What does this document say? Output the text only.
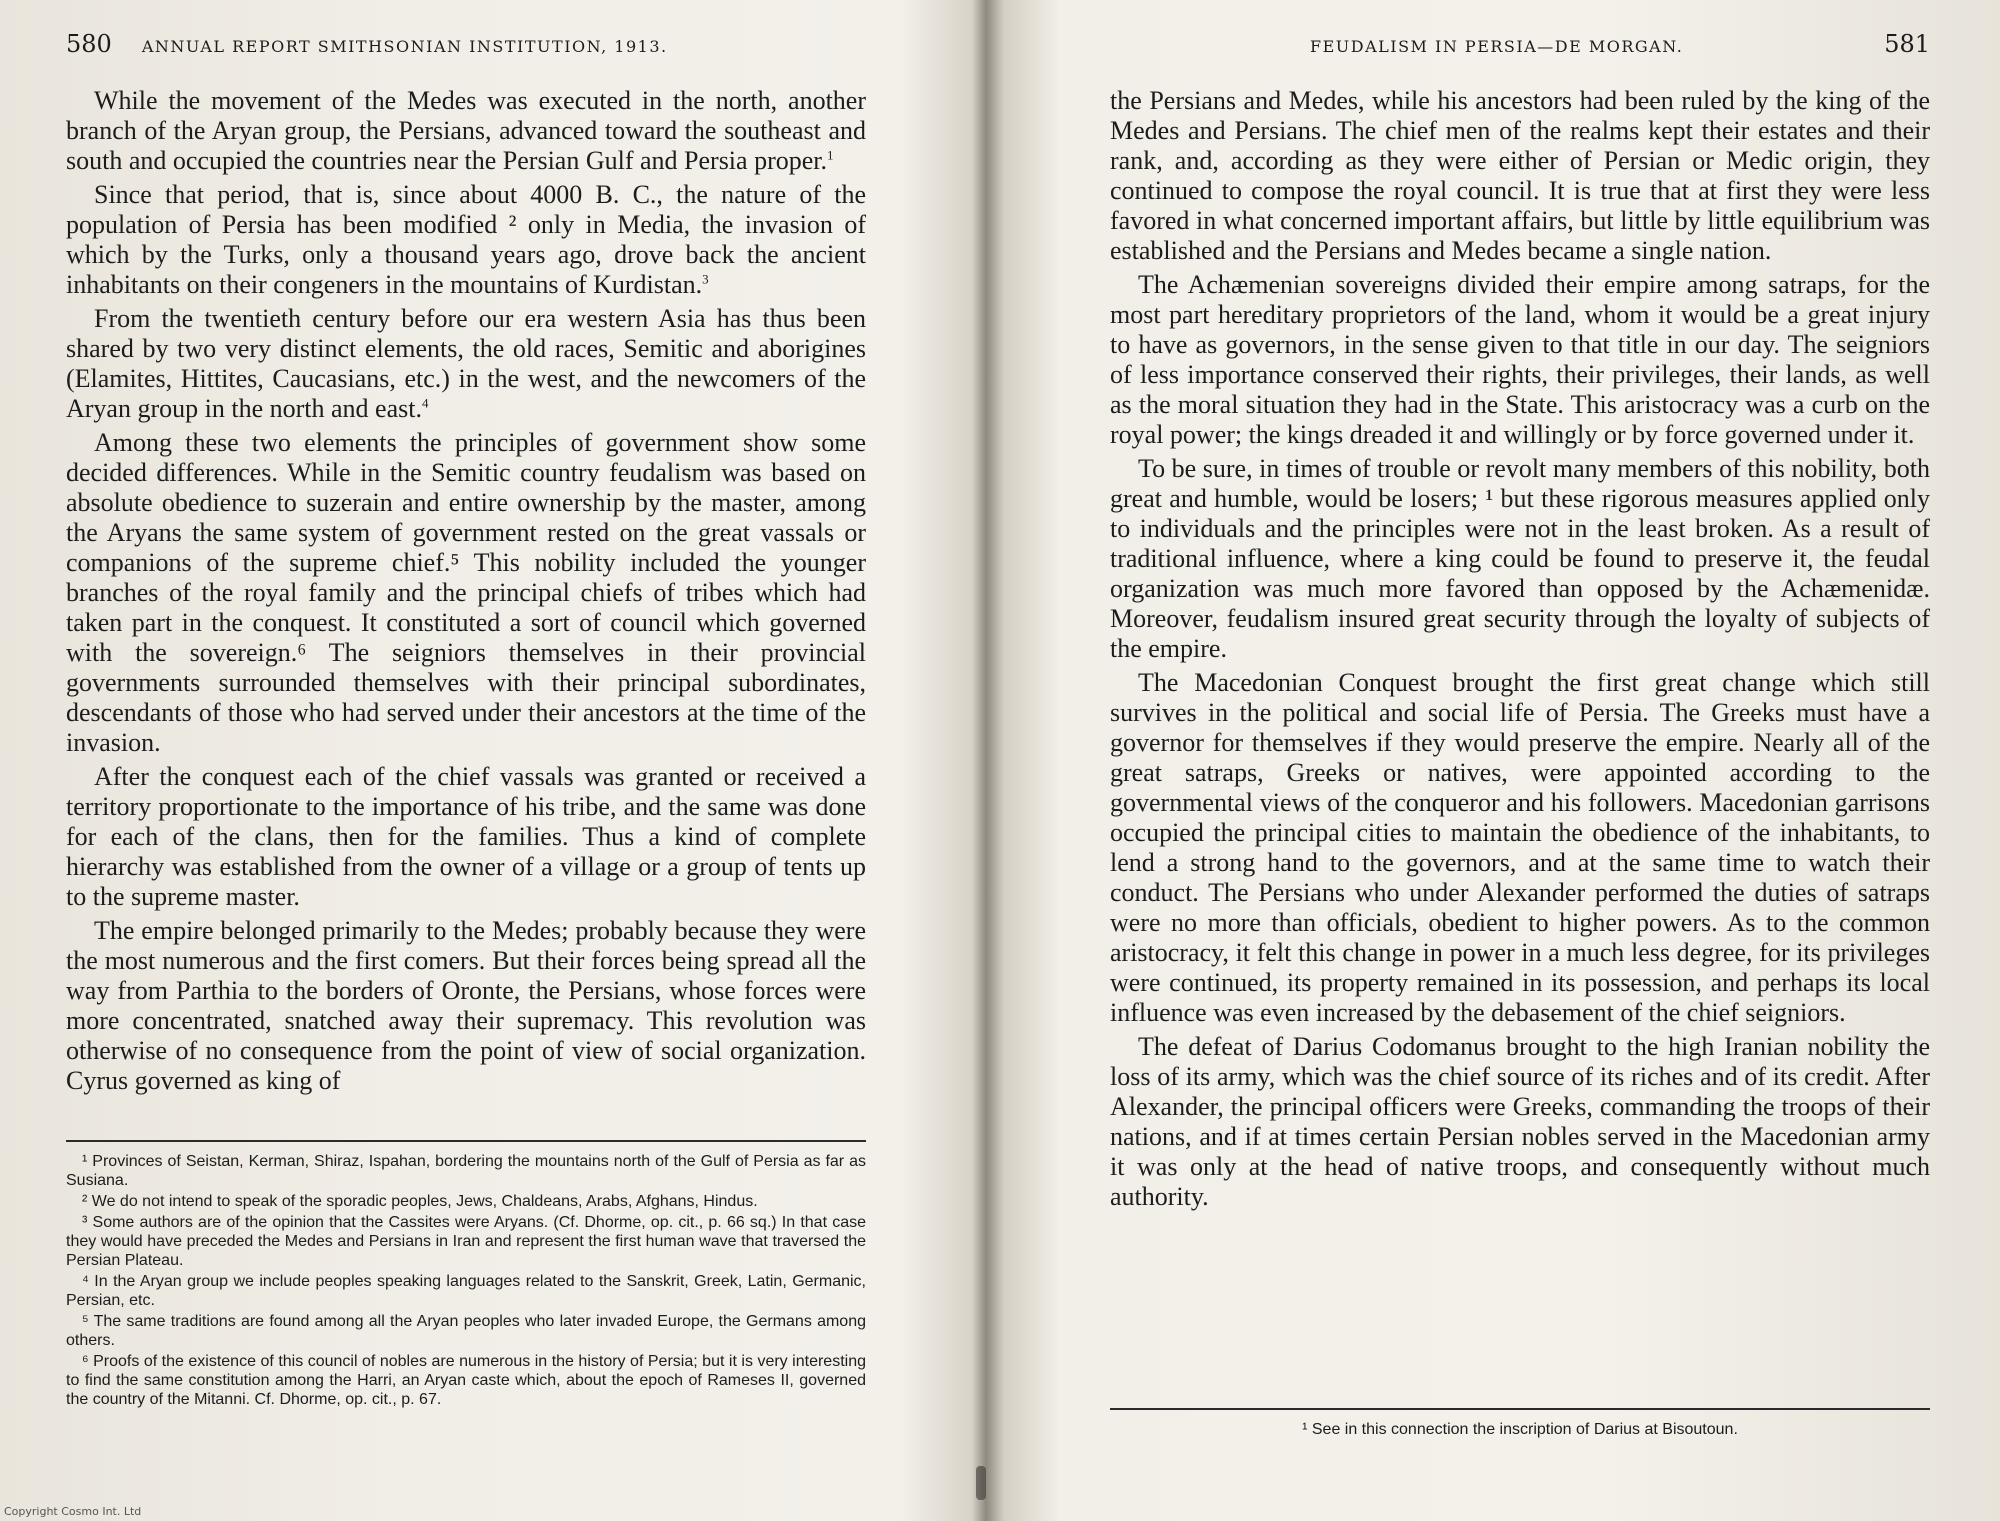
580 ANNUAL REPORT SMITHSONIAN INSTITUTION, 1913.

While the movement of the Medes was executed in the north, another branch of the Aryan group, the Persians, advanced toward the southeast and south and occupied the countries near the Persian Gulf and Persia proper.$^1$

Since that period, that is, since about 4000 B. C., the nature of the population of Persia has been modified ² only in Media, the invasion of which by the Turks, only a thousand years ago, drove back the ancient inhabitants on their congeners in the mountains of Kurdistan.$^3$

From the twentieth century before our era western Asia has thus been shared by two very distinct elements, the old races, Semitic and aborigines (Elamites, Hittites, Caucasians, etc.) in the west, and the newcomers of the Aryan group in the north and east.$^4$

Among these two elements the principles of government show some decided differences. While in the Semitic country feudalism was based on absolute obedience to suzerain and entire ownership by the master, among the Aryans the same system of government rested on the great vassals or companions of the supreme chief.⁵ This nobility included the younger branches of the royal family and the principal chiefs of tribes which had taken part in the conquest. It constituted a sort of council which governed with the sovereign.⁶ The seigniors themselves in their provincial governments surrounded themselves with their principal subordinates, descendants of those who had served under their ancestors at the time of the invasion.

After the conquest each of the chief vassals was granted or received a territory proportionate to the importance of his tribe, and the same was done for each of the clans, then for the families. Thus a kind of complete hierarchy was established from the owner of a village or a group of tents up to the supreme master.

The empire belonged primarily to the Medes; probably because they were the most numerous and the first comers. But their forces being spread all the way from Parthia to the borders of Oronte, the Persians, whose forces were more concentrated, snatched away their supremacy. This revolution was otherwise of no consequence from the point of view of social organization. Cyrus governed as king of

¹ Provinces of Seistan, Kerman, Shiraz, Ispahan, bordering the mountains north of the Gulf of Persia as far as Susiana.

² We do not intend to speak of the sporadic peoples, Jews, Chaldeans, Arabs, Afghans, Hindus.

³ Some authors are of the opinion that the Cassites were Aryans. (Cf. Dhorme, op. cit., p. 66 sq.) In that case they would have preceded the Medes and Persians in Iran and represent the first human wave that traversed the Persian Plateau.

⁴ In the Aryan group we include peoples speaking languages related to the Sanskrit, Greek, Latin, Germanic, Persian, etc.

⁵ The same traditions are found among all the Aryan peoples who later invaded Europe, the Germans among others.

⁶ Proofs of the existence of this council of nobles are numerous in the history of Persia; but it is very interesting to find the same constitution among the Harri, an Aryan caste which, about the epoch of Rameses II, governed the country of the Mitanni. Cf. Dhorme, op. cit., p. 67.

FEUDALISM IN PERSIA—DE MORGAN.	581

the Persians and Medes, while his ancestors had been ruled by the king of the Medes and Persians. The chief men of the realms kept their estates and their rank, and, according as they were either of Persian or Medic origin, they continued to compose the royal council. It is true that at first they were less favored in what concerned important affairs, but little by little equilibrium was established and the Persians and Medes became a single nation.

The Achæmenian sovereigns divided their empire among satraps, for the most part hereditary proprietors of the land, whom it would be a great injury to have as governors, in the sense given to that title in our day. The seigniors of less importance conserved their rights, their privileges, their lands, as well as the moral situation they had in the State. This aristocracy was a curb on the royal power; the kings dreaded it and willingly or by force governed under it.

To be sure, in times of trouble or revolt many members of this nobility, both great and humble, would be losers; ¹ but these rigorous measures applied only to individuals and the principles were not in the least broken. As a result of traditional influence, where a king could be found to preserve it, the feudal organization was much more favored than opposed by the Achæmenidæ. Moreover, feudalism insured great security through the loyalty of subjects of the empire.

The Macedonian Conquest brought the first great change which still survives in the political and social life of Persia. The Greeks must have a governor for themselves if they would preserve the empire. Nearly all of the great satraps, Greeks or natives, were appointed according to the governmental views of the conqueror and his followers. Macedonian garrisons occupied the principal cities to maintain the obedience of the inhabitants, to lend a strong hand to the governors, and at the same time to watch their conduct. The Persians who under Alexander performed the duties of satraps were no more than officials, obedient to higher powers. As to the common aristocracy, it felt this change in power in a much less degree, for its privileges were continued, its property remained in its possession, and perhaps its local influence was even increased by the debasement of the chief seigniors.

The defeat of Darius Codomanus brought to the high Iranian nobility the loss of its army, which was the chief source of its riches and of its credit. After Alexander, the principal officers were Greeks, commanding the troops of their nations, and if at times certain Persian nobles served in the Macedonian army it was only at the head of native troops, and consequently without much authority.

¹ See in this connection the inscription of Darius at Bisoutoun.

Copyright Cosmo Int. Ltd
